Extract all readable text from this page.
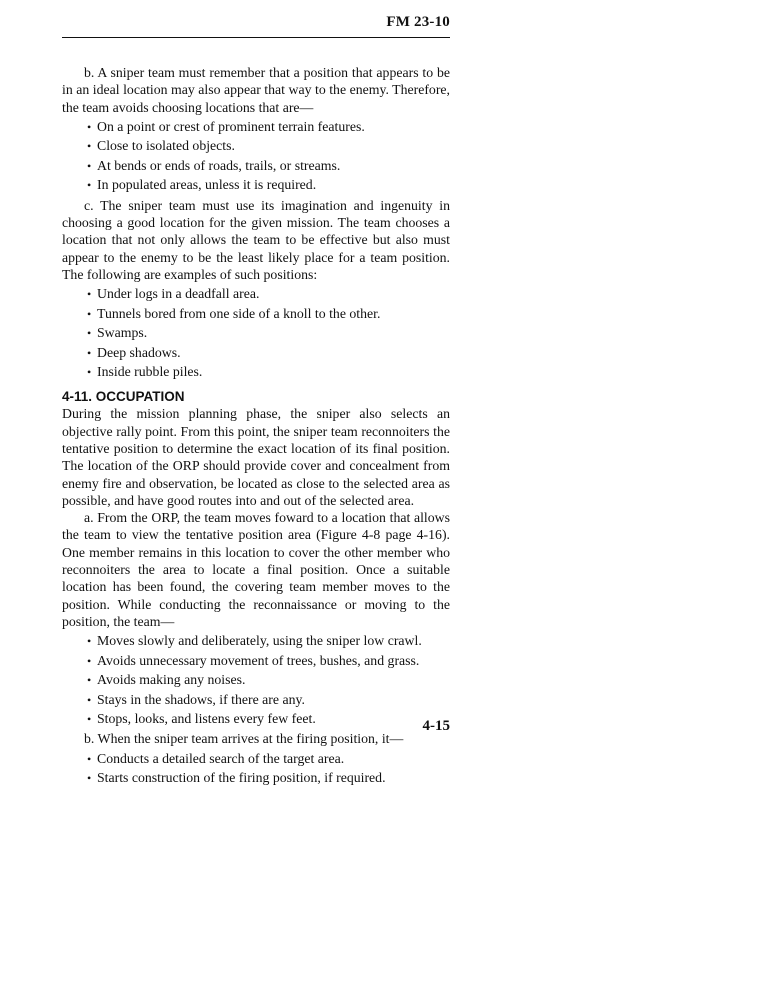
FM 23-10

b. A sniper team must remember that a position that appears to be in an ideal location may also appear that way to the enemy. Therefore, the team avoids choosing locations that are—

• On a point or crest of prominent terrain features.
• Close to isolated objects.
• At bends or ends of roads, trails, or streams.
• In populated areas, unless it is required.

c. The sniper team must use its imagination and ingenuity in choosing a good location for the given mission. The team chooses a location that not only allows the team to be effective but also must appear to the enemy to be the least likely place for a team position. The following are examples of such positions:

• Under logs in a deadfall area.
• Tunnels bored from one side of a knoll to the other.
• Swamps.
• Deep shadows.
• Inside rubble piles.
4-11. OCCUPATION

During the mission planning phase, the sniper also selects an objective rally point. From this point, the sniper team reconnoiters the tentative position to determine the exact location of its final position. The location of the ORP should provide cover and concealment from enemy fire and observation, be located as close to the selected area as possible, and have good routes into and out of the selected area.

a. From the ORP, the team moves foward to a location that allows the team to view the tentative position area (Figure 4-8 page 4-16). One member remains in this location to cover the other member who reconnoiters the area to locate a final position. Once a suitable location has been found, the covering team member moves to the position. While conducting the reconnaissance or moving to the position, the team—

• Moves slowly and deliberately, using the sniper low crawl.
• Avoids unnecessary movement of trees, bushes, and grass.
• Avoids making any noises.
• Stays in the shadows, if there are any.
• Stops, looks, and listens every few feet.

b. When the sniper team arrives at the firing position, it—

• Conducts a detailed search of the target area.
• Starts construction of the firing position, if required.
4-15
